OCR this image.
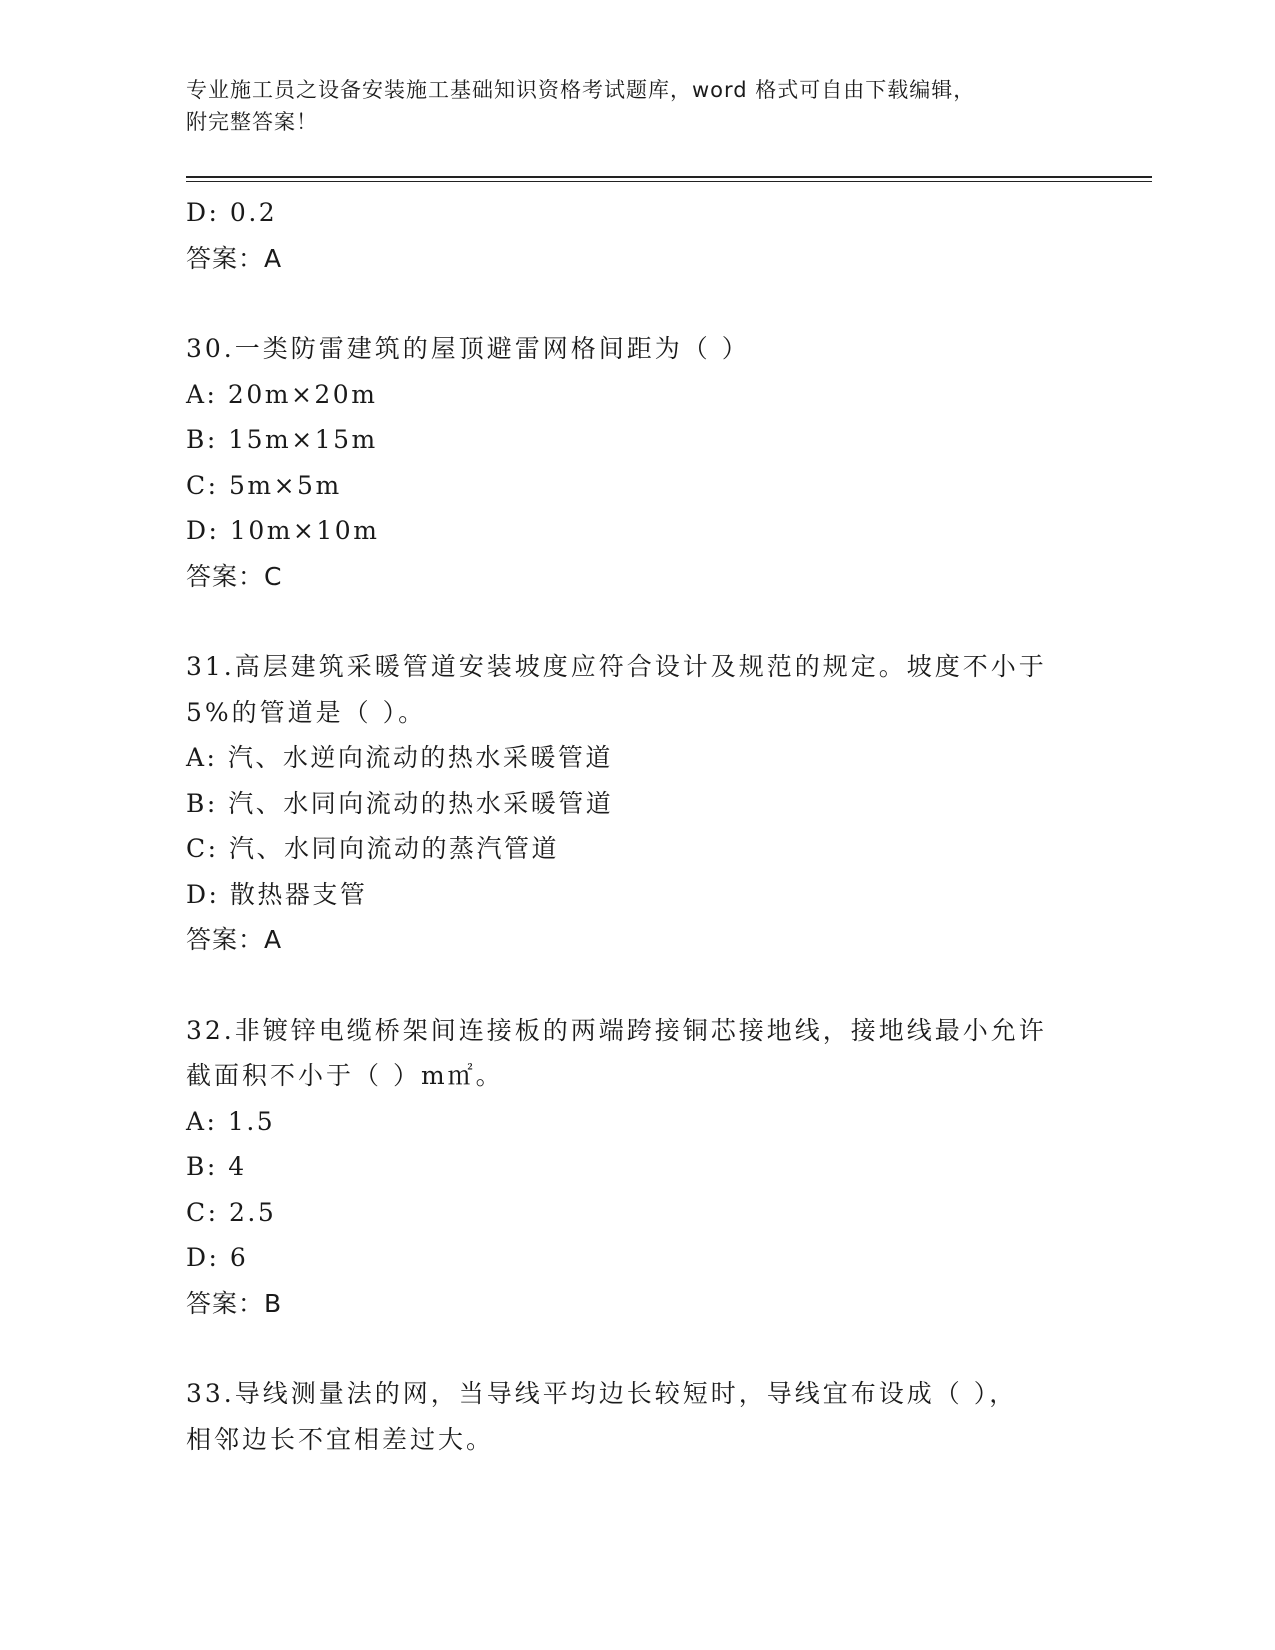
专业施工员之设备安装施工基础知识资格考试题库，word 格式可自由下载编辑，
附完整答案！
D: 0.2
答案：A
30.一类防雷建筑的屋顶避雷网格间距为（ ）
A: 20m×20m
B: 15m×15m
C: 5m×5m
D: 10m×10m
答案：C
31.高层建筑采暖管道安装坡度应符合设计及规范的规定。坡度不小于
5%的管道是（ ）。
A: 汽、水逆向流动的热水采暖管道
B: 汽、水同向流动的热水采暖管道
C: 汽、水同向流动的蒸汽管道
D: 散热器支管
答案：A
32.非镀锌电缆桥架间连接板的两端跨接铜芯接地线，接地线最小允许
截面积不小于（ ）m㎡。
A: 1.5
B: 4
C: 2.5
D: 6
答案：B
33.导线测量法的网，当导线平均边长较短时，导线宜布设成（ ），
相邻边长不宜相差过大。
